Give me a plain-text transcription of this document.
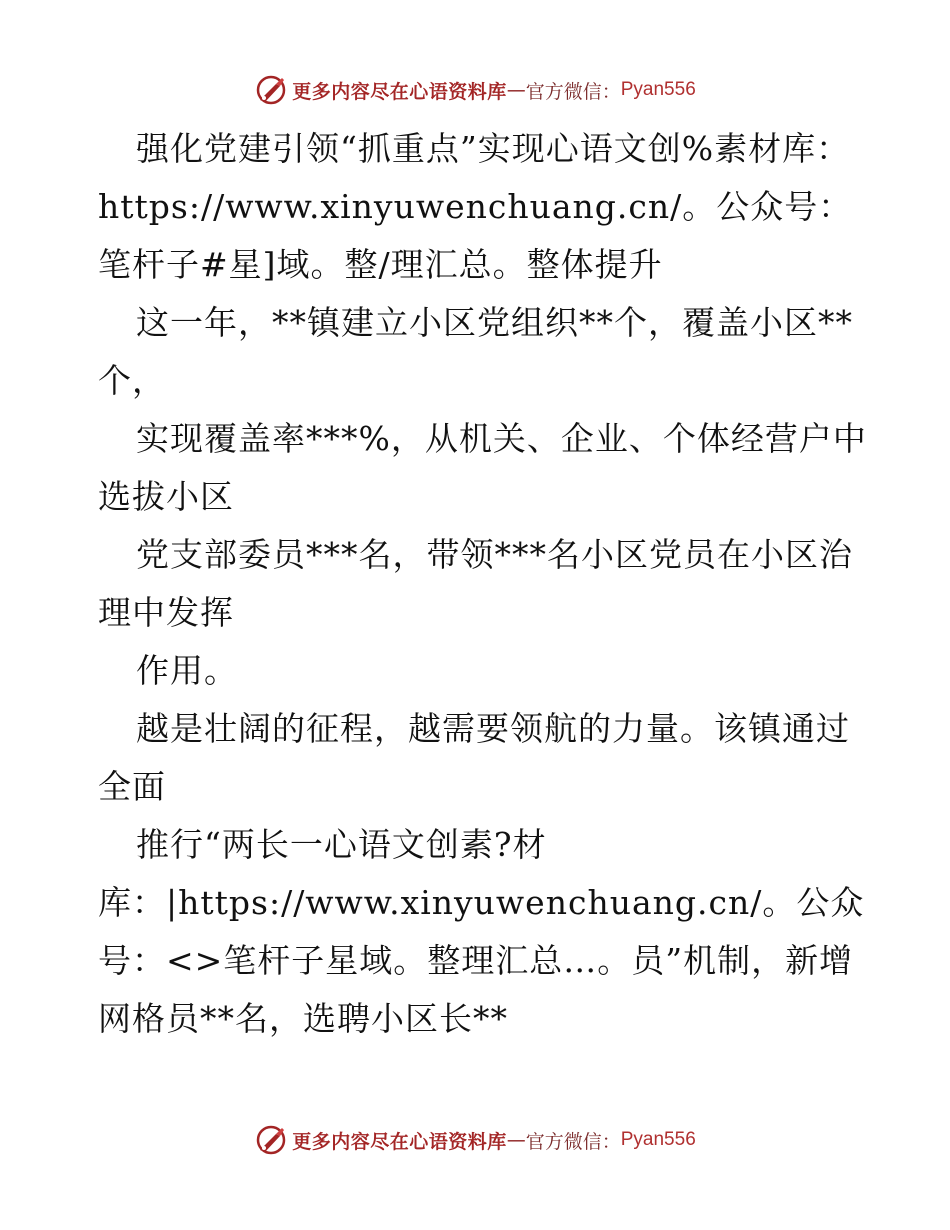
更多内容尽在心语资料库 — 官方微信： Pyan556

强化党建引领“抓重点”实现心语文创%素材库：https://www.xinyuwenchuang.cn/。公众号：笔杆子#星]域。整/理汇总。整体提升

这一年，**镇建立小区党组织**个，覆盖小区**个，

实现覆盖率***%，从机关、企业、个体经营户中选拔小区

党支部委员***名，带领***名小区党员在小区治理中发挥

作用。

越是壮阔的征程，越需要领航的力量。该镇通过全面

推行“两长一心语文创素?材库：|https://www.xinyuwenchuang.cn/。公众号：<>笔杆子星域。整理汇总…。员”机制，新增网格员**名，选聘小区长**

更多内容尽在心语资料库 — 官方微信： Pyan556
